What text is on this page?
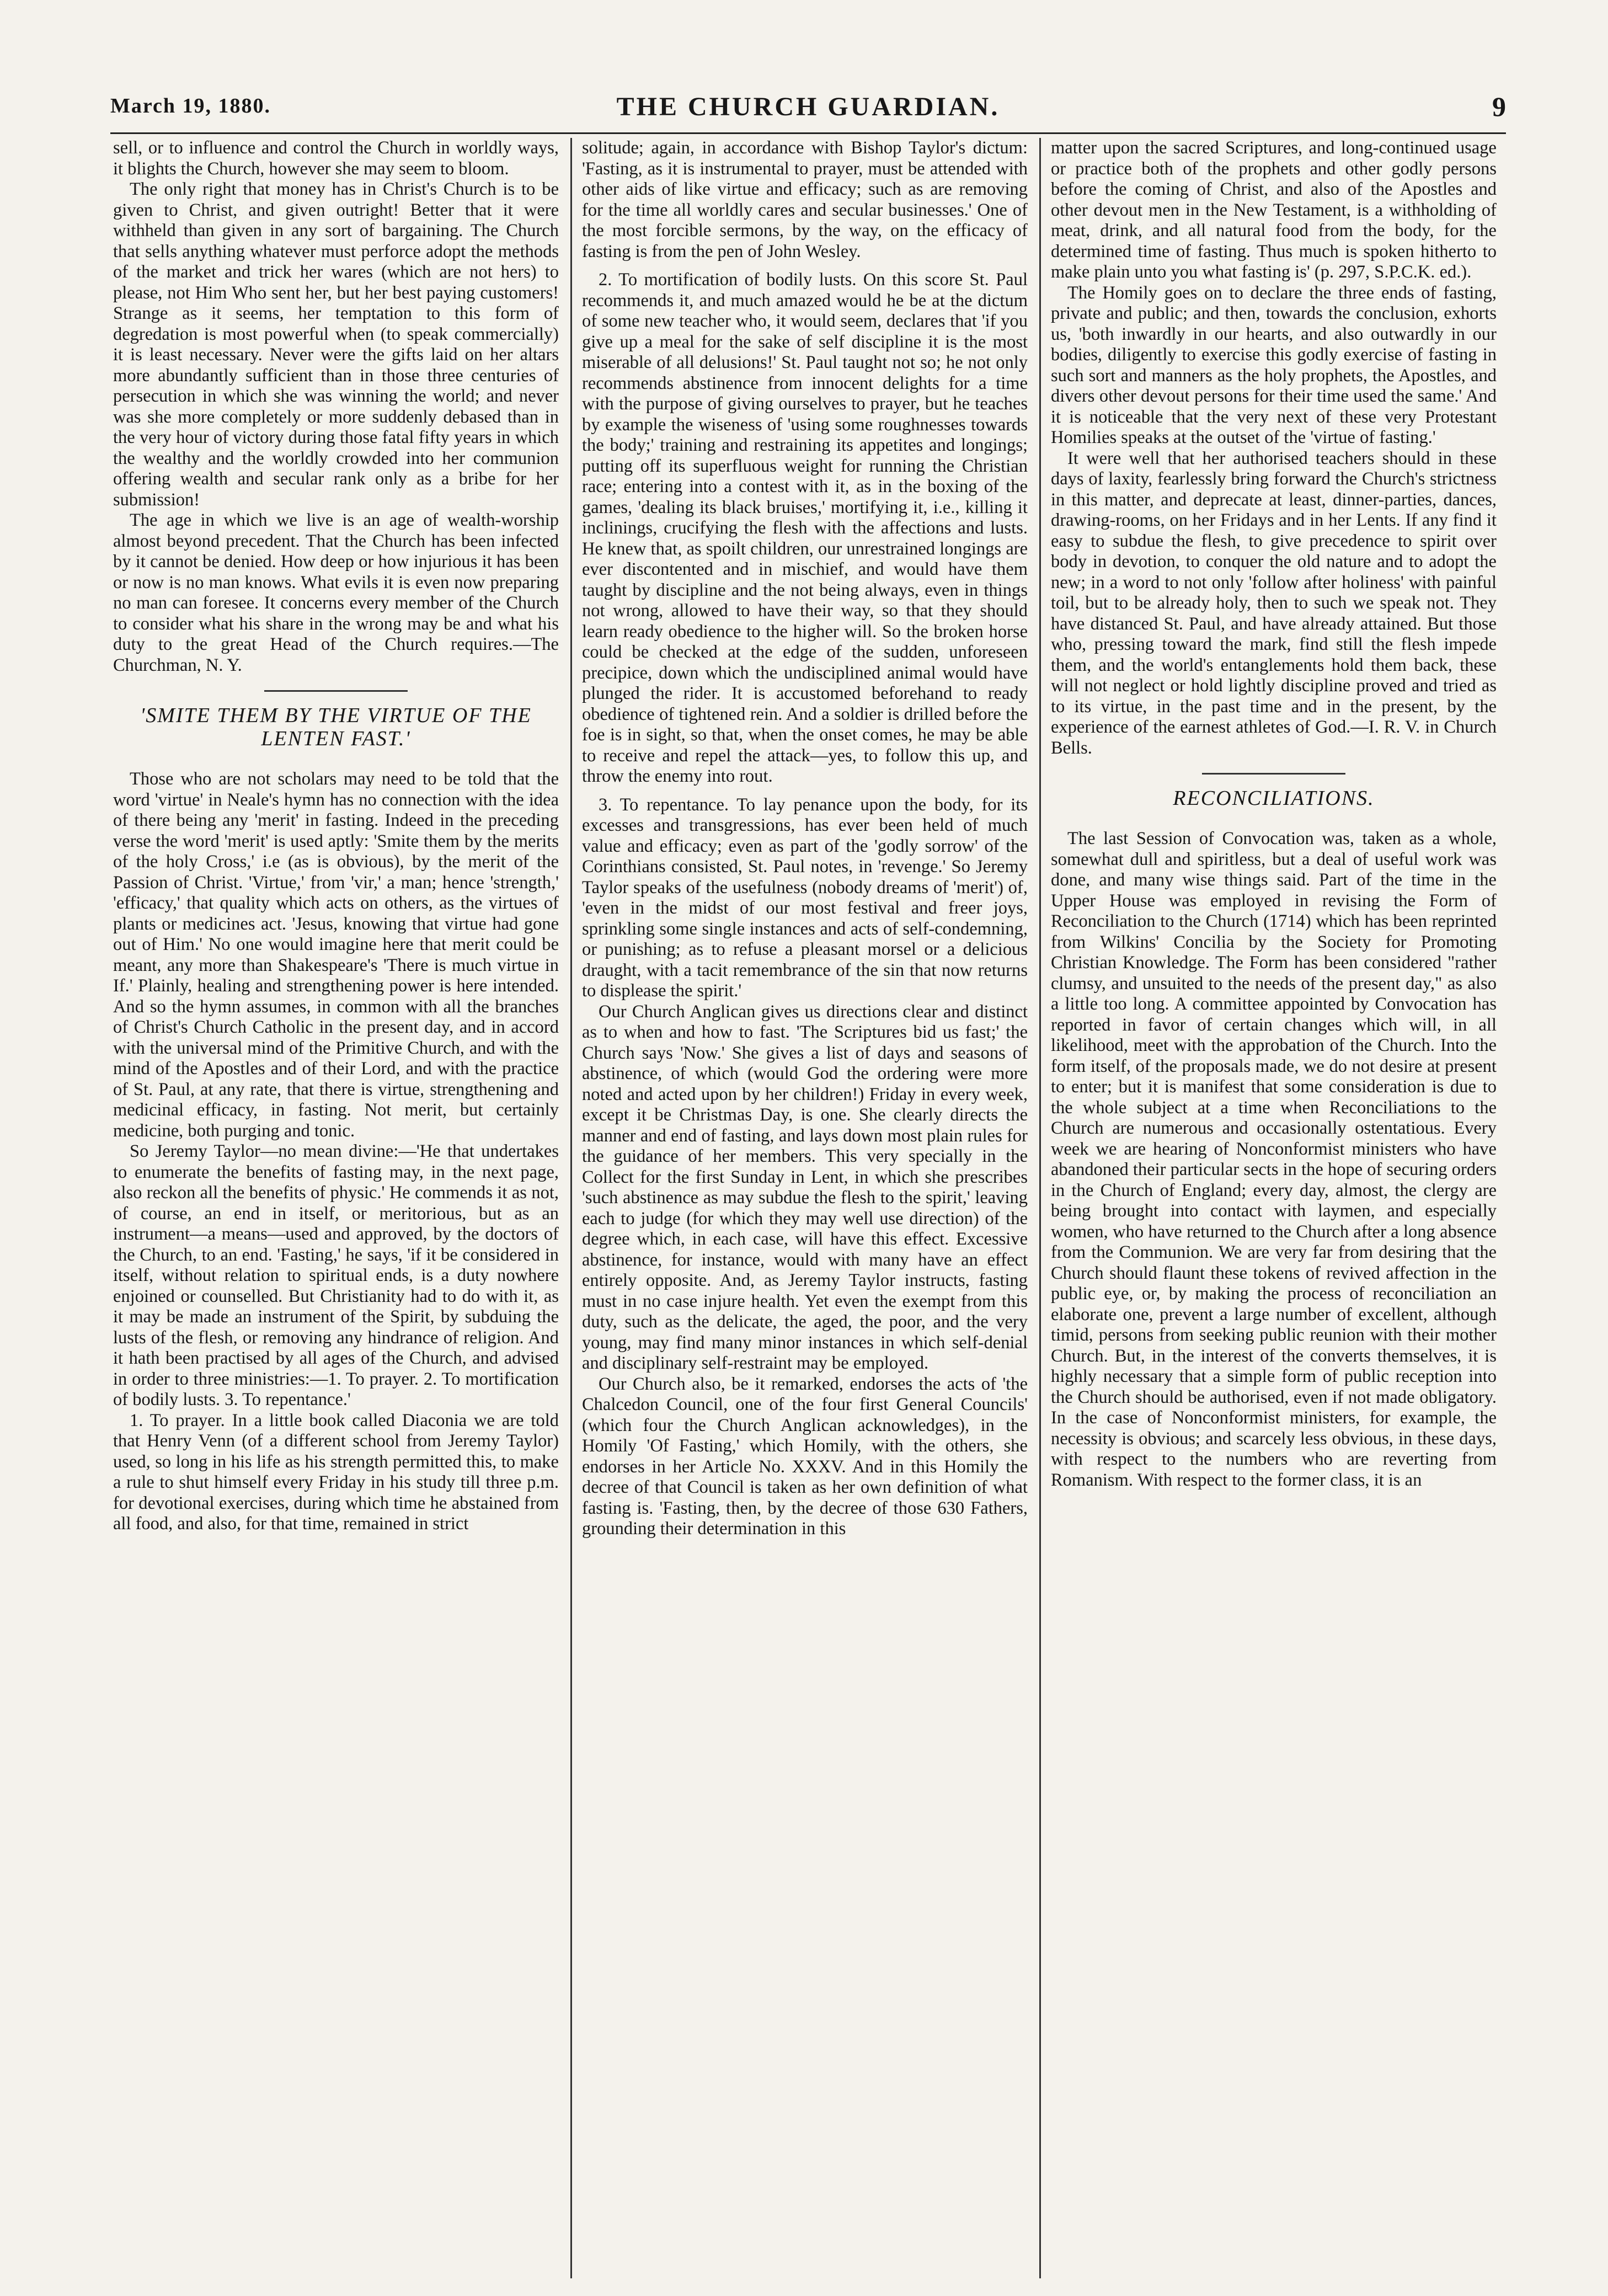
March 19, 1880.	THE CHURCH GUARDIAN.	9

sell, or to influence and control the Church in worldly ways, it blights the Church, however she may seem to bloom.

The only right that money has in Christ's Church is to be given to Christ, and given outright! Better that it were withheld than given in any sort of bargaining. The Church that sells anything whatever must perforce adopt the methods of the market and trick her wares (which are not hers) to please, not Him Who sent her, but her best paying customers! Strange as it seems, her temptation to this form of degredation is most powerful when (to speak commercially) it is least necessary. Never were the gifts laid on her altars more abundantly sufficient than in those three centuries of persecution in which she was winning the world; and never was she more completely or more suddenly debased than in the very hour of victory during those fatal fifty years in which the wealthy and the worldly crowded into her communion offering wealth and secular rank only as a bribe for her submission!

The age in which we live is an age of wealth-worship almost beyond precedent. That the Church has been infected by it cannot be denied. How deep or how injurious it has been or now is no man knows. What evils it is even now preparing no man can foresee. It concerns every member of the Church to consider what his share in the wrong may be and what his duty to the great Head of the Church requires.—The Churchman, N. Y.

'SMITE THEM BY THE VIRTUE OF THE LENTEN FAST.'

Those who are not scholars may need to be told that the word 'virtue' in Neale's hymn has no connection with the idea of there being any 'merit' in fasting. Indeed in the preceding verse the word 'merit' is used aptly: 'Smite them by the merits of the holy Cross,' i.e (as is obvious), by the merit of the Passion of Christ. 'Virtue,' from 'vir,' a man; hence 'strength,' 'efficacy,' that quality which acts on others, as the virtues of plants or medicines act. 'Jesus, knowing that virtue had gone out of Him.' No one would imagine here that merit could be meant, any more than Shakespeare's 'There is much virtue in If.' Plainly, healing and strengthening power is here intended. And so the hymn assumes, in common with all the branches of Christ's Church Catholic in the present day, and in accord with the universal mind of the Primitive Church, and with the mind of the Apostles and of their Lord, and with the practice of St. Paul, at any rate, that there is virtue, strengthening and medicinal efficacy, in fasting. Not merit, but certainly medicine, both purging and tonic.

So Jeremy Taylor—no mean divine:—'He that undertakes to enumerate the benefits of fasting may, in the next page, also reckon all the benefits of physic.' He commends it as not, of course, an end in itself, or meritorious, but as an instrument—a means—used and approved, by the doctors of the Church, to an end. 'Fasting,' he says, 'if it be considered in itself, without relation to spiritual ends, is a duty nowhere enjoined or counselled. But Christianity had to do with it, as it may be made an instrument of the Spirit, by subduing the lusts of the flesh, or removing any hindrance of religion. And it hath been practised by all ages of the Church, and advised in order to three ministries:—1. To prayer. 2. To mortification of bodily lusts. 3. To repentance.'

1. To prayer. In a little book called Diaconia we are told that Henry Venn (of a different school from Jeremy Taylor) used, so long in his life as his strength permitted this, to make a rule to shut himself every Friday in his study till three p.m. for devotional exercises, during which time he abstained from all food, and also, for that time, remained in strict

solitude; again, in accordance with Bishop Taylor's dictum: 'Fasting, as it is instrumental to prayer, must be attended with other aids of like virtue and efficacy; such as are removing for the time all worldly cares and secular businesses.' One of the most forcible sermons, by the way, on the efficacy of fasting is from the pen of John Wesley.

2. To mortification of bodily lusts. On this score St. Paul recommends it, and much amazed would he be at the dictum of some new teacher who, it would seem, declares that 'if you give up a meal for the sake of self discipline it is the most miserable of all delusions!' St. Paul taught not so; he not only recommends abstinence from innocent delights for a time with the purpose of giving ourselves to prayer, but he teaches by example the wiseness of 'using some roughnesses towards the body;' training and restraining its appetites and longings; putting off its superfluous weight for running the Christian race; entering into a contest with it, as in the boxing of the games, 'dealing its black bruises,' mortifying it, i.e., killing it inclinings, crucifying the flesh with the affections and lusts. He knew that, as spoilt children, our unrestrained longings are ever discontented and in mischief, and would have them taught by discipline and the not being always, even in things not wrong, allowed to have their way, so that they should learn ready obedience to the higher will. So the broken horse could be checked at the edge of the sudden, unforeseen precipice, down which the undisciplined animal would have plunged the rider. It is accustomed beforehand to ready obedience of tightened rein. And a soldier is drilled before the foe is in sight, so that, when the onset comes, he may be able to receive and repel the attack—yes, to follow this up, and throw the enemy into rout.

3. To repentance. To lay penance upon the body, for its excesses and transgressions, has ever been held of much value and efficacy; even as part of the 'godly sorrow' of the Corinthians consisted, St. Paul notes, in 'revenge.' So Jeremy Taylor speaks of the usefulness (nobody dreams of 'merit') of, 'even in the midst of our most festival and freer joys, sprinkling some single instances and acts of self-condemning, or punishing; as to refuse a pleasant morsel or a delicious draught, with a tacit remembrance of the sin that now returns to displease the spirit.'

Our Church Anglican gives us directions clear and distinct as to when and how to fast. 'The Scriptures bid us fast;' the Church says 'Now.' She gives a list of days and seasons of abstinence, of which (would God the ordering were more noted and acted upon by her children!) Friday in every week, except it be Christmas Day, is one. She clearly directs the manner and end of fasting, and lays down most plain rules for the guidance of her members. This very specially in the Collect for the first Sunday in Lent, in which she prescribes 'such abstinence as may subdue the flesh to the spirit,' leaving each to judge (for which they may well use direction) of the degree which, in each case, will have this effect. Excessive abstinence, for instance, would with many have an effect entirely opposite. And, as Jeremy Taylor instructs, fasting must in no case injure health. Yet even the exempt from this duty, such as the delicate, the aged, the poor, and the very young, may find many minor instances in which self-denial and disciplinary self-restraint may be employed.

Our Church also, be it remarked, endorses the acts of 'the Chalcedon Council, one of the four first General Councils' (which four the Church Anglican acknowledges), in the Homily 'Of Fasting,' which Homily, with the others, she endorses in her Article No. XXXV. And in this Homily the decree of that Council is taken as her own definition of what fasting is. 'Fasting, then, by the decree of those 630 Fathers, grounding their determination in this

matter upon the sacred Scriptures, and long-continued usage or practice both of the prophets and other godly persons before the coming of Christ, and also of the Apostles and other devout men in the New Testament, is a withholding of meat, drink, and all natural food from the body, for the determined time of fasting. Thus much is spoken hitherto to make plain unto you what fasting is' (p. 297, S.P.C.K. ed.).

The Homily goes on to declare the three ends of fasting, private and public; and then, towards the conclusion, exhorts us, 'both inwardly in our hearts, and also outwardly in our bodies, diligently to exercise this godly exercise of fasting in such sort and manners as the holy prophets, the Apostles, and divers other devout persons for their time used the same.' And it is noticeable that the very next of these very Protestant Homilies speaks at the outset of the 'virtue of fasting.'

It were well that her authorised teachers should in these days of laxity, fearlessly bring forward the Church's strictness in this matter, and deprecate at least, dinner-parties, dances, drawing-rooms, on her Fridays and in her Lents. If any find it easy to subdue the flesh, to give precedence to spirit over body in devotion, to conquer the old nature and to adopt the new; in a word to not only 'follow after holiness' with painful toil, but to be already holy, then to such we speak not. They have distanced St. Paul, and have already attained. But those who, pressing toward the mark, find still the flesh impede them, and the world's entanglements hold them back, these will not neglect or hold lightly discipline proved and tried as to its virtue, in the past time and in the present, by the experience of the earnest athletes of God.—I. R. V. in Church Bells.

RECONCILIATIONS.

The last Session of Convocation was, taken as a whole, somewhat dull and spiritless, but a deal of useful work was done, and many wise things said. Part of the time in the Upper House was employed in revising the Form of Reconciliation to the Church (1714) which has been reprinted from Wilkins' Concilia by the Society for Promoting Christian Knowledge. The Form has been considered "rather clumsy, and unsuited to the needs of the present day," as also a little too long. A committee appointed by Convocation has reported in favor of certain changes which will, in all likelihood, meet with the approbation of the Church. Into the form itself, of the proposals made, we do not desire at present to enter; but it is manifest that some consideration is due to the whole subject at a time when Reconciliations to the Church are numerous and occasionally ostentatious. Every week we are hearing of Nonconformist ministers who have abandoned their particular sects in the hope of securing orders in the Church of England; every day, almost, the clergy are being brought into contact with laymen, and especially women, who have returned to the Church after a long absence from the Communion. We are very far from desiring that the Church should flaunt these tokens of revived affection in the public eye, or, by making the process of reconciliation an elaborate one, prevent a large number of excellent, although timid, persons from seeking public reunion with their mother Church. But, in the interest of the converts themselves, it is highly necessary that a simple form of public reception into the Church should be authorised, even if not made obligatory. In the case of Nonconformist ministers, for example, the necessity is obvious; and scarcely less obvious, in these days, with respect to the numbers who are reverting from Romanism. With respect to the former class, it is an
